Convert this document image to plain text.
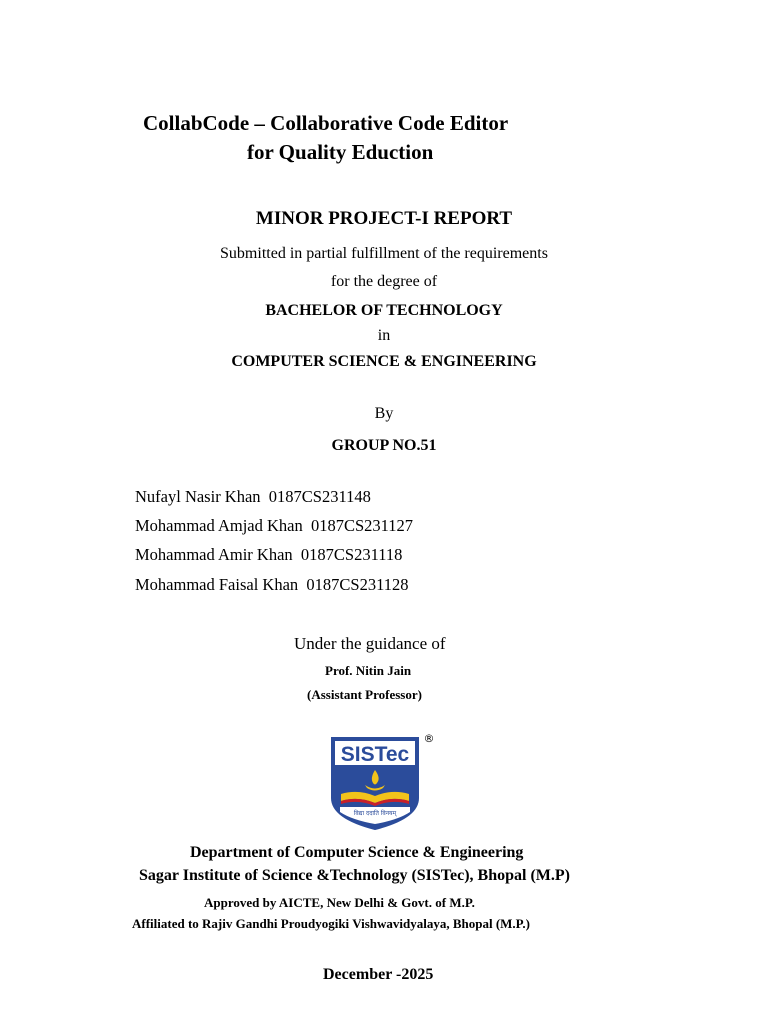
CollabCode – Collaborative Code Editor
for Quality Eduction
MINOR PROJECT-I REPORT
Submitted in partial fulfillment of the requirements
for the degree of
BACHELOR OF TECHNOLOGY
in
COMPUTER SCIENCE & ENGINEERING
By
GROUP NO.51
Nufayl Nasir Khan 0187CS231148
Mohammad Amjad Khan 0187CS231127
Mohammad Amir Khan 0187CS231118
Mohammad Faisal Khan 0187CS231128
Under the guidance of
Prof. Nitin Jain
(Assistant Professor)
SISTec
विद्या ददाति विनयम्
®
Department of Computer Science & Engineering
Sagar Institute of Science &Technology (SISTec), Bhopal (M.P)
Approved by AICTE, New Delhi & Govt. of M.P.
Affiliated to Rajiv Gandhi Proudyogiki Vishwavidyalaya, Bhopal (M.P.)
December -2025
